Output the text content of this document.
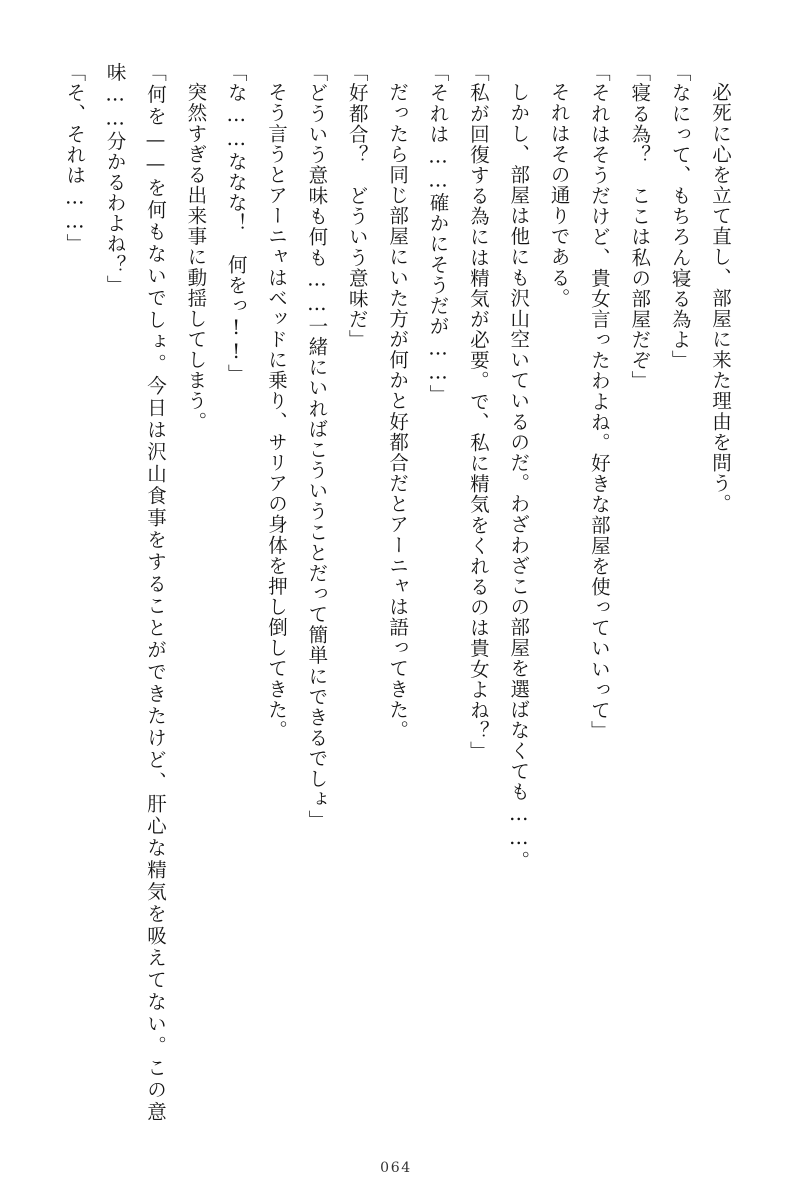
必死に心を立て直し、部屋に来た理由を問う。

「なにって、もちろん寝る為よ」

「寝る為？　ここは私の部屋だぞ」

「それはそうだけど、貴女言ったわよね。好きな部屋を使っていいって」

それはその通りである。

しかし、部屋は他にも沢山空いているのだ。わざわざこの部屋を選ばなくても……。

「私が回復する為には精気が必要。で、私に精気をくれるのは貴女よね？」

「それは……確かにそうだが……」

だったら同じ部屋にいた方が何かと好都合だとアーニャは語ってきた。

「好都合？　どういう意味だ」

「どういう意味も何も……一緒にいればこういうことだって簡単にできるでしょ」

そう言うとアーニャはベッドに乗り、サリアの身体を押し倒してきた。

「な……ななな！　何をっ!!」

突然すぎる出来事に動揺してしまう。

「何を——を何もないでしょ。今日は沢山食事をすることができたけど、肝心な精気を吸えてない。この意味……分かるわよね？」

「そ、それは……」

064
